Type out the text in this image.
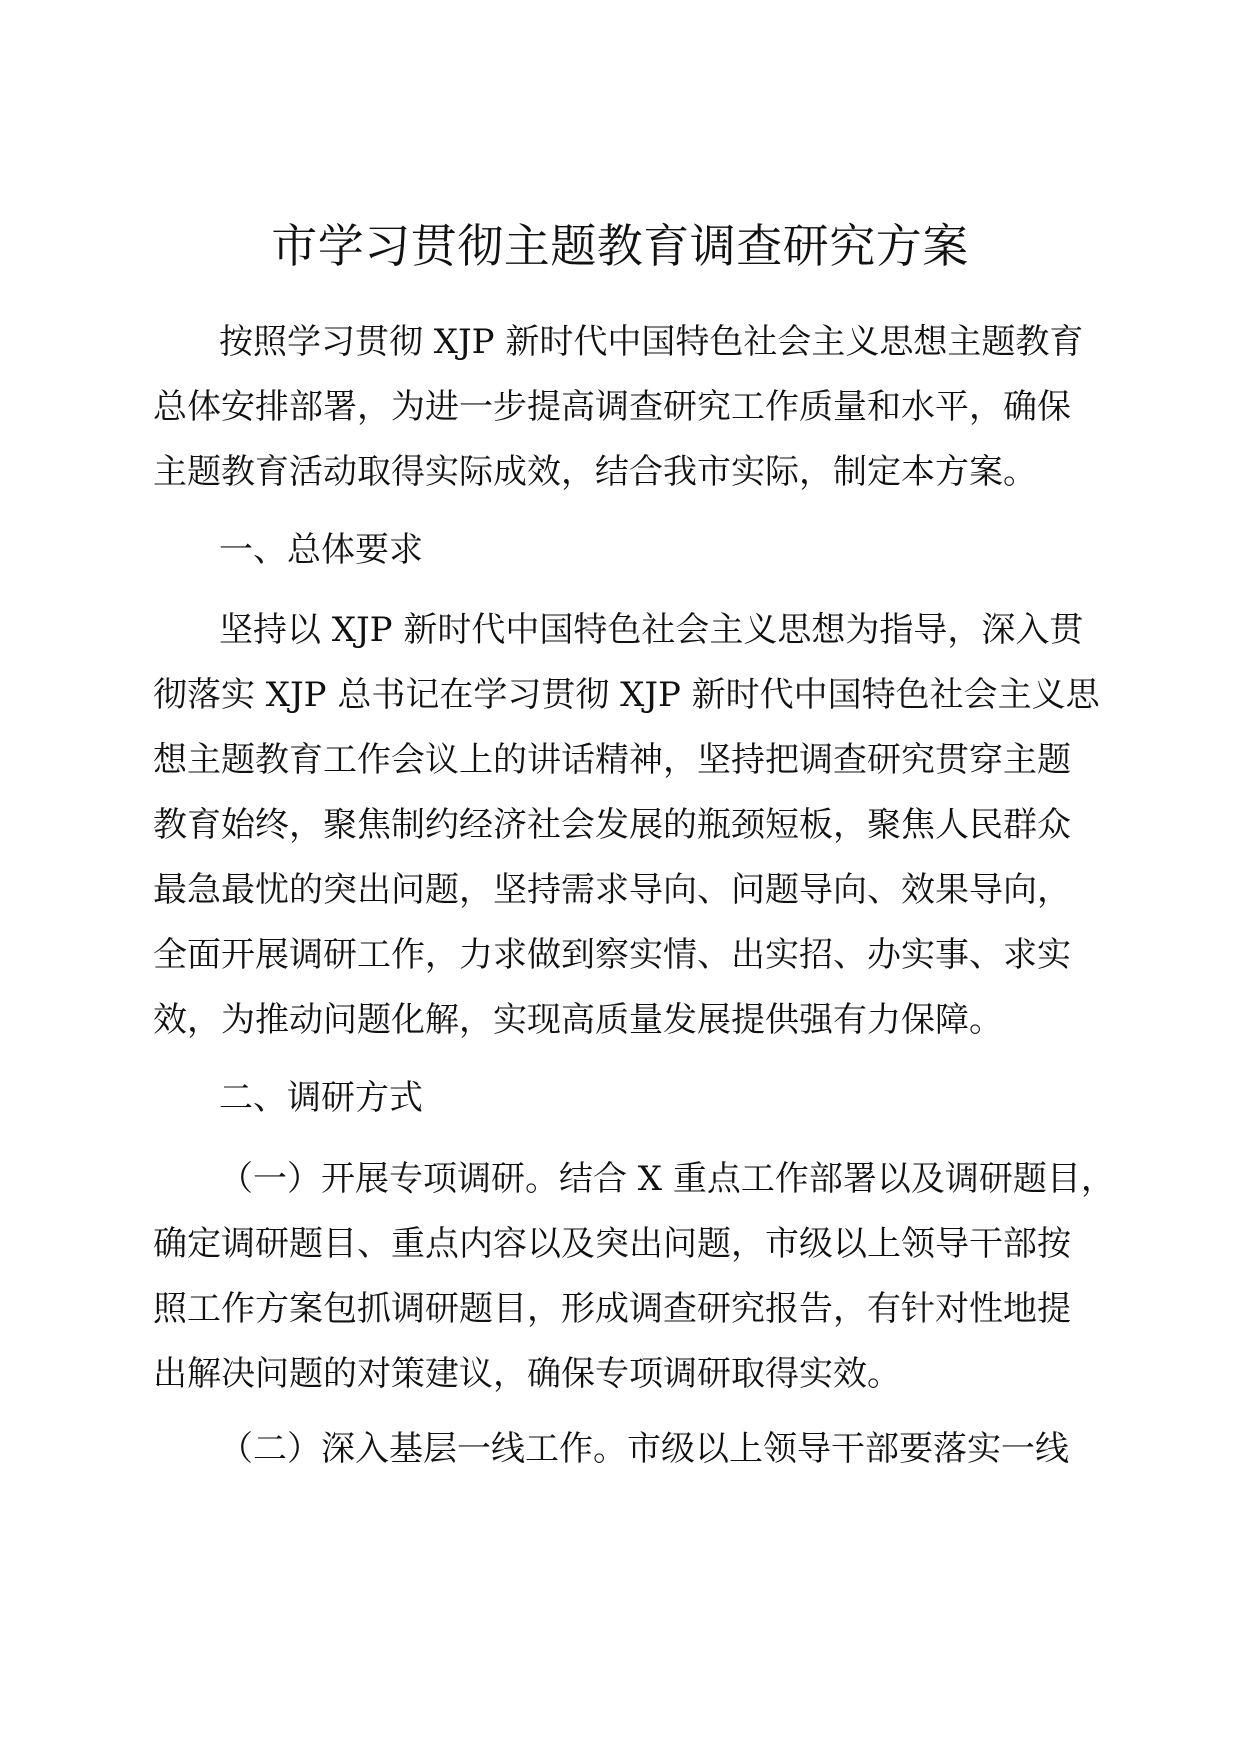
市学习贯彻主题教育调查研究方案
按照学习贯彻 XJP 新时代中国特色社会主义思想主题教育
总体安排部署，为进一步提高调查研究工作质量和水平，确保
主题教育活动取得实际成效，结合我市实际，制定本方案。
一、总体要求
坚持以 XJP 新时代中国特色社会主义思想为指导，深入贯
彻落实 XJP 总书记在学习贯彻 XJP 新时代中国特色社会主义思
想主题教育工作会议上的讲话精神，坚持把调查研究贯穿主题
教育始终，聚焦制约经济社会发展的瓶颈短板，聚焦人民群众
最急最忧的突出问题，坚持需求导向、问题导向、效果导向，
全面开展调研工作，力求做到察实情、出实招、办实事、求实
效，为推动问题化解，实现高质量发展提供强有力保障。
二、调研方式
（一）开展专项调研。结合 X 重点工作部署以及调研题目，
确定调研题目、重点内容以及突出问题，市级以上领导干部按
照工作方案包抓调研题目，形成调查研究报告，有针对性地提
出解决问题的对策建议，确保专项调研取得实效。
（二）深入基层一线工作。市级以上领导干部要落实一线
